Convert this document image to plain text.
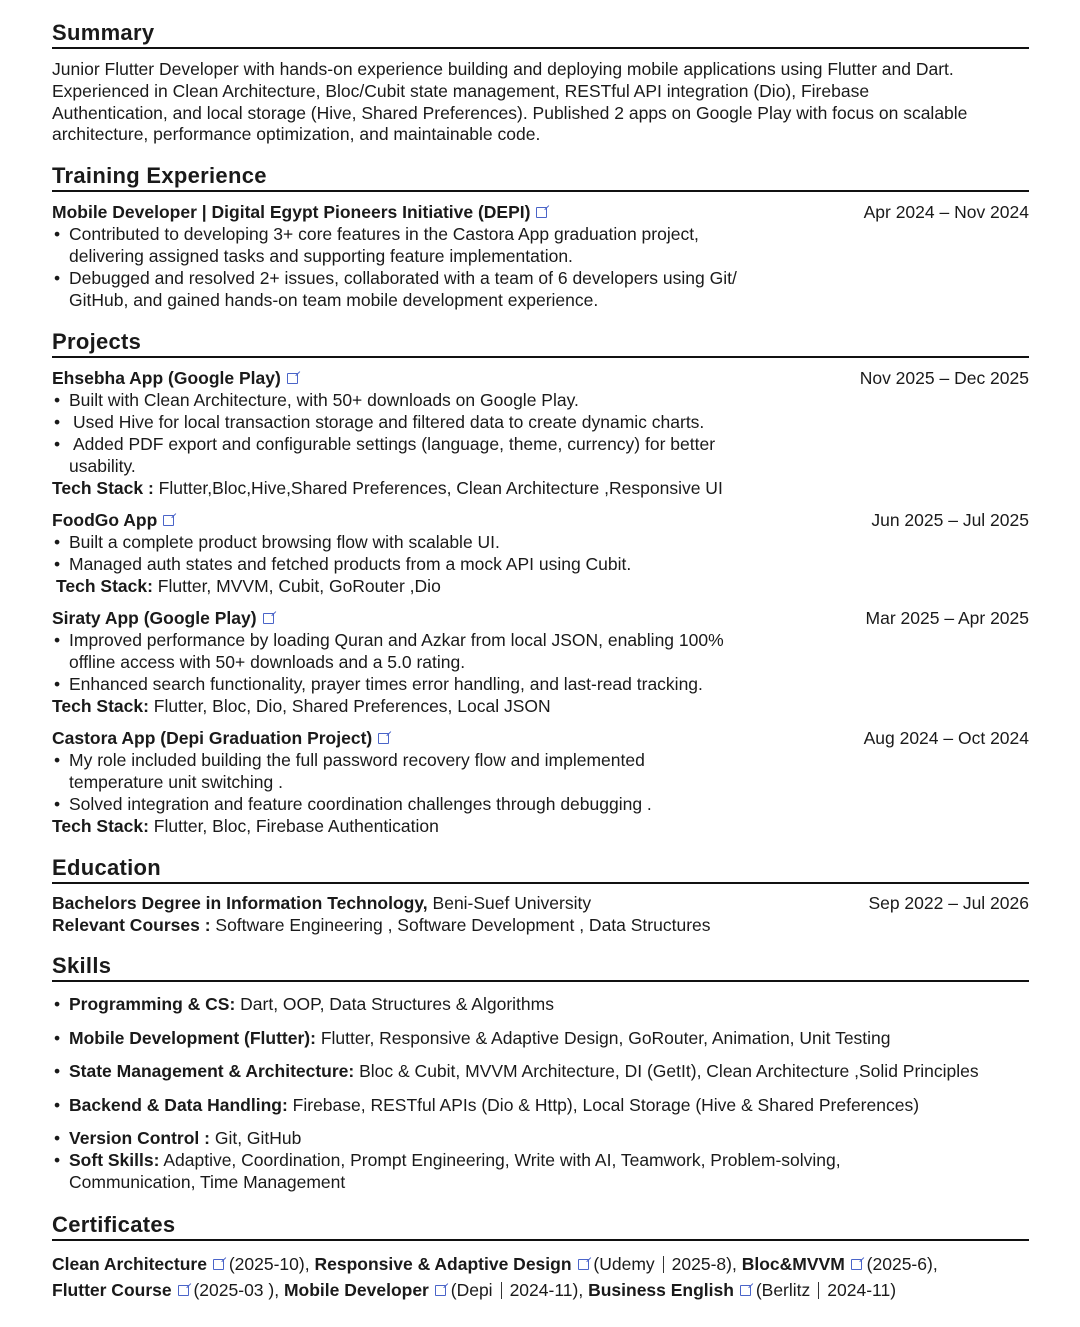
Summary
Junior Flutter Developer with hands-on experience building and deploying mobile applications using Flutter and Dart.
Experienced in Clean Architecture, Bloc/Cubit state management, RESTful API integration (Dio), Firebase
Authentication, and local storage (Hive, Shared Preferences). Published 2 apps on Google Play with focus on scalable
architecture, performance optimization, and maintainable code.
Training Experience
Mobile Developer | Digital Egypt Pioneers Initiative (DEPI)	Apr 2024 – Nov 2024
• Contributed to developing 3+ core features in the Castora App graduation project,
delivering assigned tasks and supporting feature implementation.
• Debugged and resolved 2+ issues, collaborated with a team of 6 developers using Git/
GitHub, and gained hands-on team mobile development experience.
Projects
Ehsebha App (Google Play)	Nov 2025 – Dec 2025
• Built with Clean Architecture, with 50+ downloads on Google Play.
• Used Hive for local transaction storage and filtered data to create dynamic charts.
• Added PDF export and configurable settings (language, theme, currency) for better
usability.
Tech Stack : Flutter,Bloc,Hive,Shared Preferences, Clean Architecture ,Responsive UI
FoodGo App	Jun 2025 – Jul 2025
• Built a complete product browsing flow with scalable UI.
• Managed auth states and fetched products from a mock API using Cubit.
Tech Stack: Flutter, MVVM, Cubit, GoRouter ,Dio
Siraty App (Google Play)	Mar 2025 – Apr 2025
• Improved performance by loading Quran and Azkar from local JSON, enabling 100%
offline access with 50+ downloads and a 5.0 rating.
• Enhanced search functionality, prayer times error handling, and last-read tracking.
Tech Stack: Flutter, Bloc, Dio, Shared Preferences, Local JSON
Castora App (Depi Graduation Project)	Aug 2024 – Oct 2024
• My role included building the full password recovery flow and implemented
temperature unit switching .
• Solved integration and feature coordination challenges through debugging .
Tech Stack: Flutter, Bloc, Firebase Authentication
Education
Bachelors Degree in Information Technology, Beni-Suef University	Sep 2022 – Jul 2026
Relevant Courses : Software Engineering , Software Development , Data Structures
Skills
• Programming & CS: Dart, OOP, Data Structures & Algorithms
• Mobile Development (Flutter): Flutter, Responsive & Adaptive Design, GoRouter, Animation, Unit Testing
• State Management & Architecture: Bloc & Cubit, MVVM Architecture, DI (GetIt), Clean Architecture ,Solid Principles
• Backend & Data Handling: Firebase, RESTful APIs (Dio & Http), Local Storage (Hive & Shared Preferences)
• Version Control : Git, GitHub
• Soft Skills: Adaptive, Coordination, Prompt Engineering, Write with AI, Teamwork, Problem-solving,
Communication, Time Management
Certificates
Clean Architecture (2025-10), Responsive & Adaptive Design (Udemy 2025-8), Bloc&MVVM (2025-6),
Flutter Course (2025-03 ), Mobile Developer (Depi 2024-11), Business English (Berlitz 2024-11)
